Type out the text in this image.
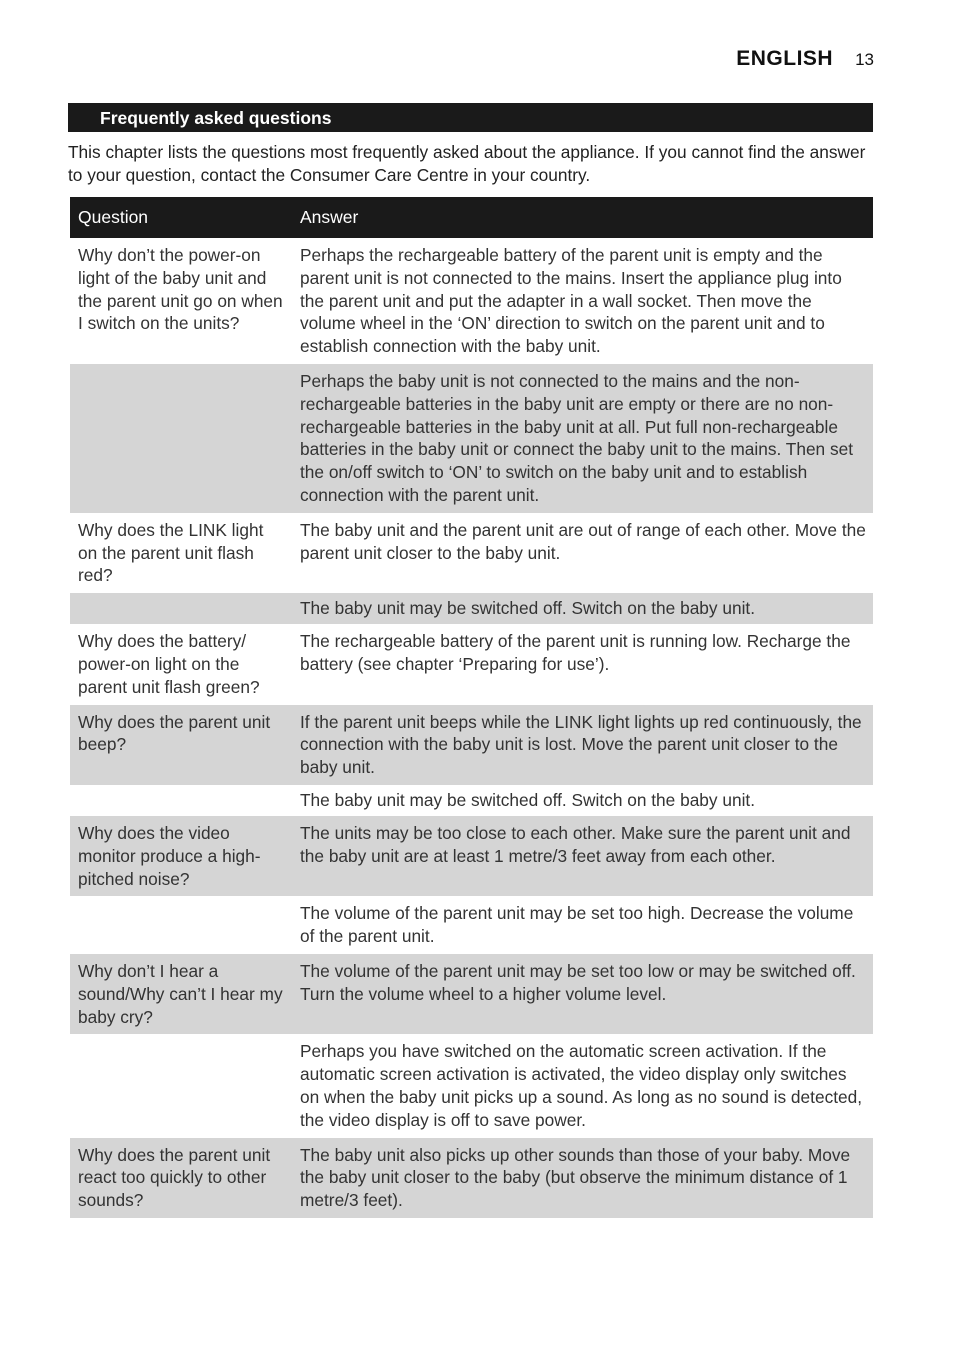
ENGLISH 13
Frequently asked questions
This chapter lists the questions most frequently asked about the appliance. If you cannot find the answer to your question, contact the Consumer Care Centre in your country.
Question	Answer
Why don’t the power-on light of the baby unit and the parent unit go on when I switch on the units?	Perhaps the rechargeable battery of the parent unit is empty and the parent unit is not connected to the mains. Insert the appliance plug into the parent unit and put the adapter in a wall socket. Then move the volume wheel in the ‘ON’ direction to switch on the parent unit and to establish connection with the baby unit.
	Perhaps the baby unit is not connected to the mains and the non-rechargeable batteries in the baby unit are empty or there are no non-rechargeable batteries in the baby unit at all. Put full non-rechargeable batteries in the baby unit or connect the baby unit to the mains. Then set the on/off switch to ‘ON’ to switch on the baby unit and to establish connection with the parent unit.
Why does the LINK light on the parent unit flash red?	The baby unit and the parent unit are out of range of each other. Move the parent unit closer to the baby unit.
	The baby unit may be switched off. Switch on the baby unit.
Why does the battery/ power-on light on the parent unit flash green?	The rechargeable battery of the parent unit is running low. Recharge the battery (see chapter ‘Preparing for use’).
Why does the parent unit beep?	If the parent unit beeps while the LINK light lights up red continuously, the connection with the baby unit is lost. Move the parent unit closer to the baby unit.
	The baby unit may be switched off. Switch on the baby unit.
Why does the video monitor produce a high-pitched noise?	The units may be too close to each other. Make sure the parent unit and the baby unit are at least 1 metre/3 feet away from each other.
	The volume of the parent unit may be set too high. Decrease the volume of the parent unit.
Why don’t I hear a sound/Why can’t I hear my baby cry?	The volume of the parent unit may be set too low or may be switched off. Turn the volume wheel to a higher volume level.
	Perhaps you have switched on the automatic screen activation. If the automatic screen activation is activated, the video display only switches on when the baby unit picks up a sound. As long as no sound is detected, the video display is off to save power.
Why does the parent unit react too quickly to other sounds?	The baby unit also picks up other sounds than those of your baby. Move the baby unit closer to the baby (but observe the minimum distance of 1 metre/3 feet).
